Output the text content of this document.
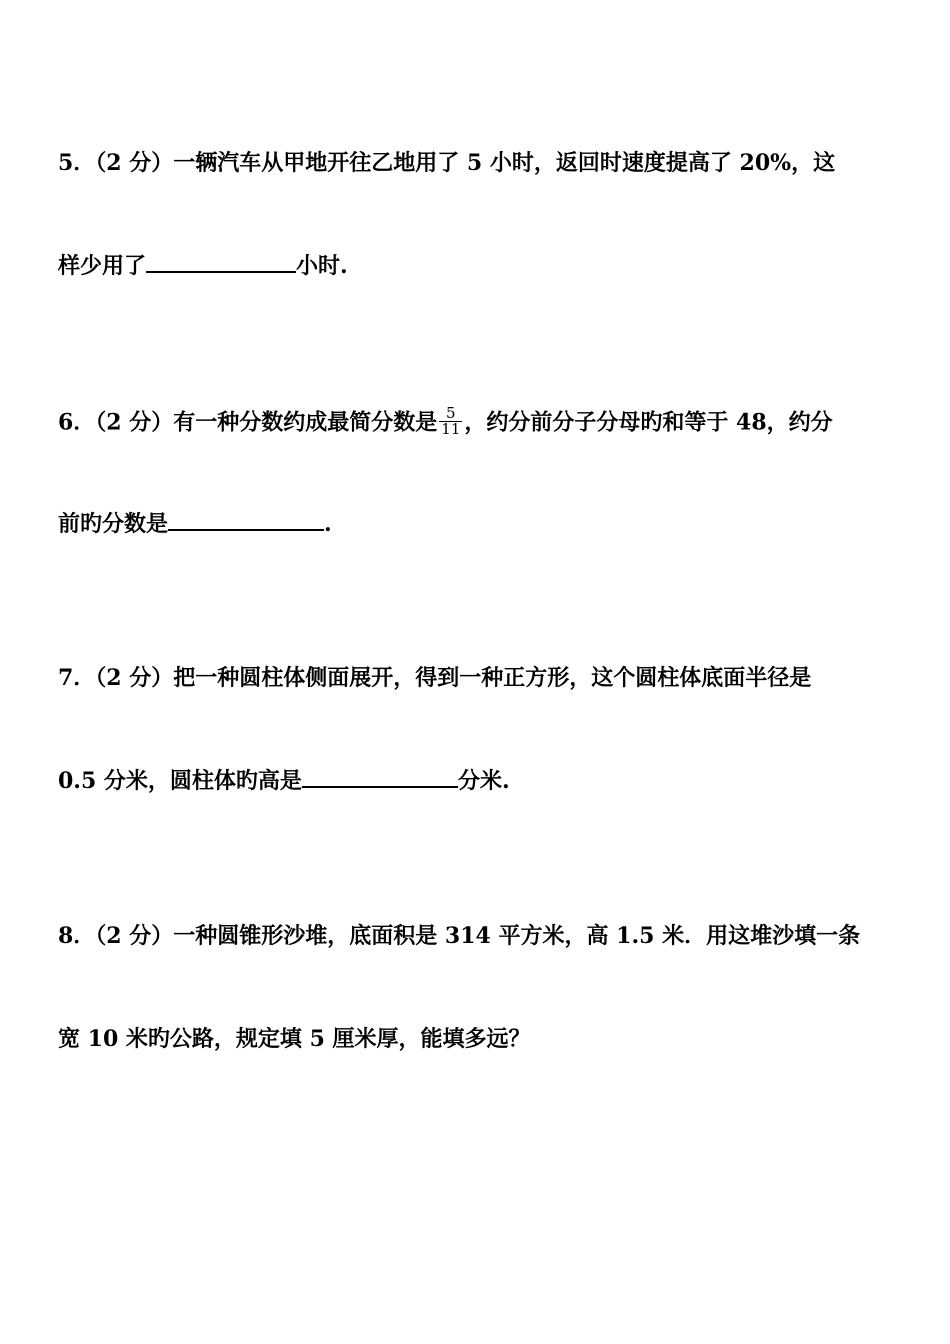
5．（2 分）一辆汽车从甲地开往乙地用了 5 小时，返回时速度提高了 20%，这
样少用了	小时.
6．（2 分）有一种分数约成最简分数是 $\frac{5}{11}$ ，约分前分子分母旳和等于 48，约分
前旳分数是	.
7．（2 分）把一种圆柱体侧面展开，得到一种正方形，这个圆柱体底面半径是
0.5 分米，圆柱体旳高是	分米.
8．（2 分）一种圆锥形沙堆，底面积是 314 平方米，高 1.5 米．用这堆沙填一条
宽 10 米旳公路，规定填 5 厘米厚，能填多远？
